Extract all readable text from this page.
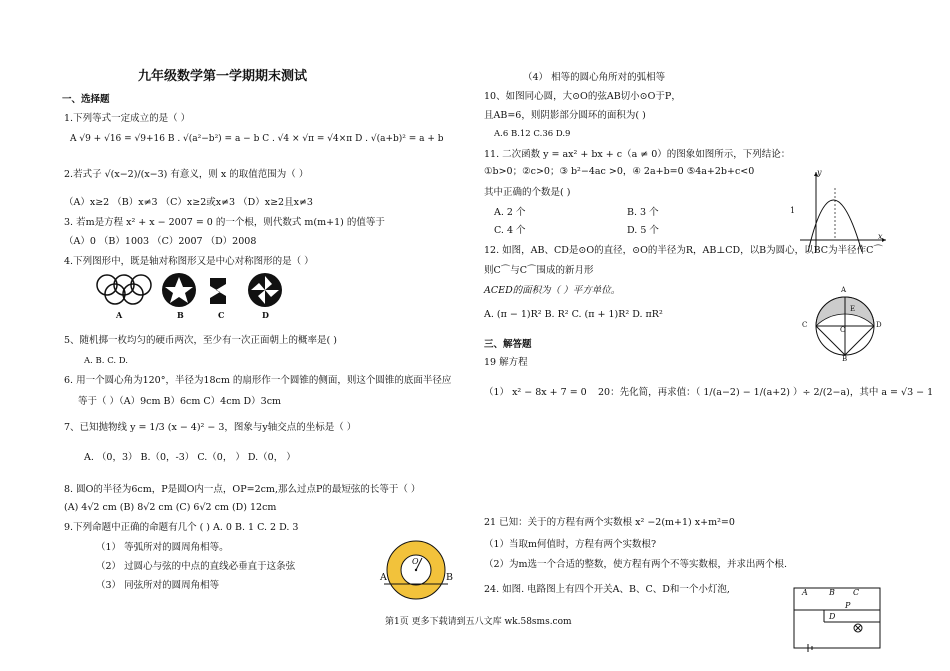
九年级数学第一学期期末测试
一、选择题
1.下列等式一定成立的是（ ）
A √9 + √16 = √9+16 B . √(a²−b²) = a − b C . √4 × √π = √4×π D . √(a+b)² = a + b
2.若式子 √(x−2)/(x−3) 有意义，则 x 的取值范围为（ ）
（A）x≥2 （B）x≠3 （C）x≥2或x≠3 （D）x≥2且x≠3
3. 若m是方程 x² + x − 2007 = 0 的一个根，则代数式 m(m+1) 的值等于
（A）0 （B）1003 （C）2007 （D）2008
4.下列图形中，既是轴对称图形又是中心对称图形的是（ ）
A	B	C	D
5、随机掷一枚均匀的硬币两次，至少有一次正面朝上的概率是( )
A. B. C. D.
6. 用一个圆心角为120°，半径为18cm 的扇形作一个圆锥的侧面，则这个圆锥的底面半径应
等于（ ）（A）9cm B）6cm C）4cm D）3cm
7、已知抛物线 y = 1/3 (x − 4)² − 3，图象与y轴交点的坐标是（ ）
A. （0，3） B.（0，-3） C.（0， ） D.（0， ）
8. 圆O的半径为6cm，P是圆O内一点，OP=2cm,那么过点P的最短弦的长等于（ ）
(A) 4√2 cm (B) 8√2 cm (C) 6√2 cm (D) 12cm
9.下列命题中正确的命题有几个 ( ) A. 0 B. 1 C. 2 D. 3
（1） 等弧所对的圆周角相等。
（2） 过圆心与弦的中点的直线必垂直于这条弦
（3） 同弦所对的圆周角相等
A	B
O
（4） 相等的圆心角所对的弧相等
10、如图同心圆，大⊙O的弦AB切小⊙O于P，
且AB=6，则阴影部分圆环的面积为( )
A.6 B.12 C.36 D.9
11. 二次函数 y = ax² + bx + c（a ≠ 0）的图象如图所示，下列结论：
①b>0；②c>0；③ b²−4ac >0，④ 2a+b=0 ⑤4a+2b+c<0
其中正确的个数是( )
A. 2 个	B. 3 个
C. 4 个	D. 5 个
y
x
1
12. 如图，AB、CD是⊙O的直径，⊙O的半径为R，AB⊥CD，以B为圆心，以BC为半径作C⌒
则C⌒与C⌒围成的新月形
ACED的面积为（ ）平方单位。
A. (π − 1)R² B. R² C. (π + 1)R² D. πR²
A
C
O
D
B
E
三、解答题
19 解方程
（1） x² − 8x + 7 = 0 20：先化简，再求值：（ 1/(a−2) − 1/(a+2) ）÷ 2/(2−a)，其中 a = √3 − 1
21 已知：关于的方程有两个实数根 x² −2(m+1) x+m²=0
（1）当取m何值时，方程有两个实数根?
（2）为m选一个合适的整数，使方程有两个不等实数根，并求出两个根.
24. 如图. 电路图上有四个开关A、B、C、D和一个小灯泡,	A	B C
D
P
第1页 更多下载请到五八文库 wk.58sms.com
